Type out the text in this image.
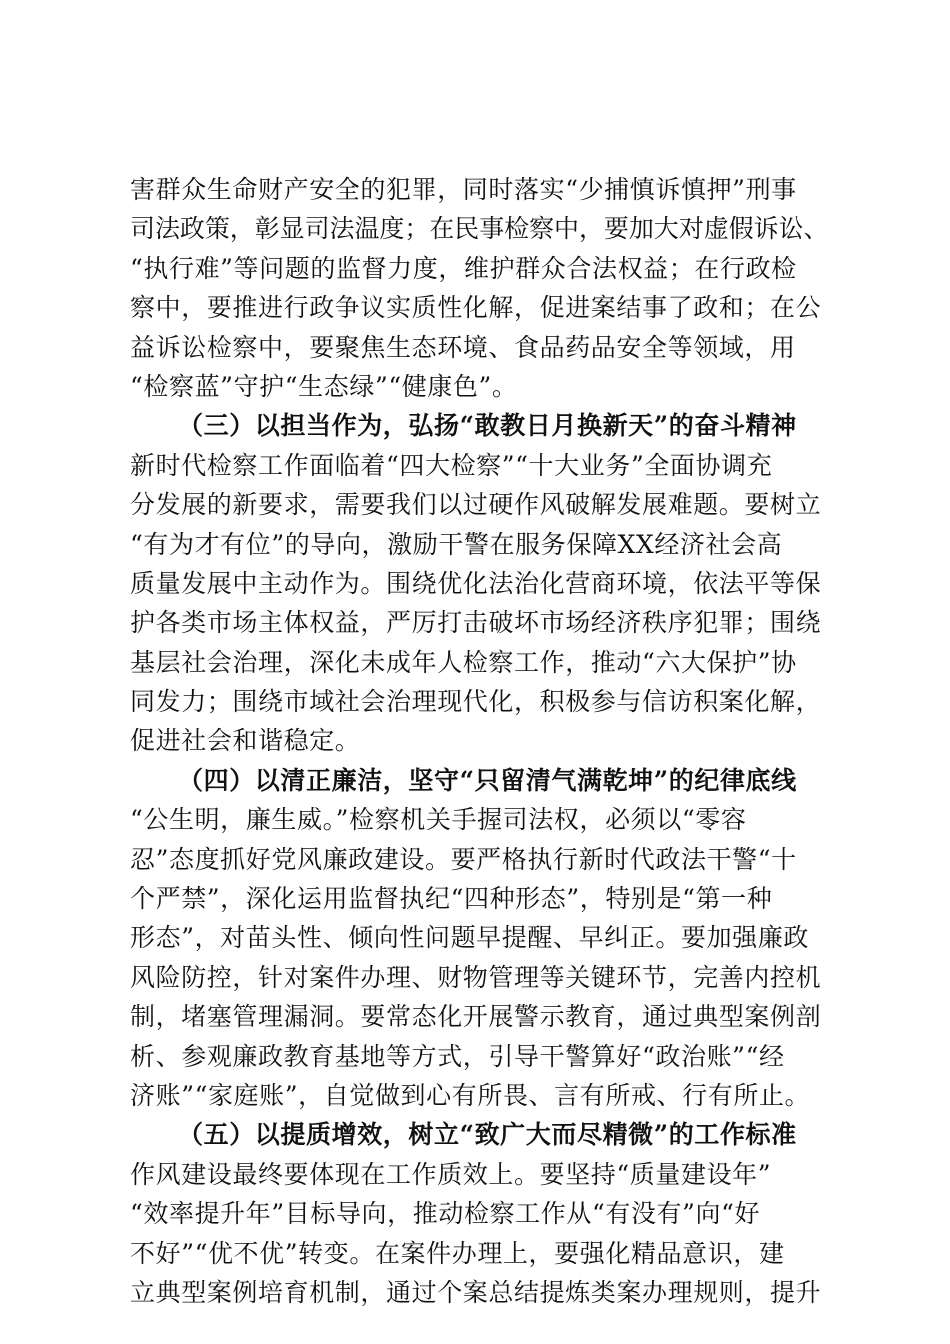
害群众生命财产安全的犯罪，同时落实“少捕慎诉慎押”刑事
司法政策，彰显司法温度；在民事检察中，要加大对虚假诉讼、
“执行难”等问题的监督力度，维护群众合法权益；在行政检
察中，要推进行政争议实质性化解，促进案结事了政和；在公
益诉讼检察中，要聚焦生态环境、食品药品安全等领域，用
“检察蓝”守护“生态绿”“健康色”。
（三）以担当作为，弘扬“敢教日月换新天”的奋斗精神
新时代检察工作面临着“四大检察”“十大业务”全面协调充
分发展的新要求，需要我们以过硬作风破解发展难题。要树立
“有为才有位”的导向，激励干警在服务保障XX经济社会高
质量发展中主动作为。围绕优化法治化营商环境，依法平等保
护各类市场主体权益，严厉打击破坏市场经济秩序犯罪；围绕
基层社会治理，深化未成年人检察工作，推动“六大保护”协
同发力；围绕市域社会治理现代化，积极参与信访积案化解，
促进社会和谐稳定。
（四）以清正廉洁，坚守“只留清气满乾坤”的纪律底线
“公生明，廉生威。”检察机关手握司法权，必须以“零容
忍”态度抓好党风廉政建设。要严格执行新时代政法干警“十
个严禁”，深化运用监督执纪“四种形态”，特别是“第一种
形态”，对苗头性、倾向性问题早提醒、早纠正。要加强廉政
风险防控，针对案件办理、财物管理等关键环节，完善内控机
制，堵塞管理漏洞。要常态化开展警示教育，通过典型案例剖
析、参观廉政教育基地等方式，引导干警算好“政治账”“经
济账”“家庭账”，自觉做到心有所畏、言有所戒、行有所止。
（五）以提质增效，树立“致广大而尽精微”的工作标准
作风建设最终要体现在工作质效上。要坚持“质量建设年”
“效率提升年”目标导向，推动检察工作从“有没有”向“好
不好”“优不优”转变。在案件办理上，要强化精品意识，建
立典型案例培育机制，通过个案总结提炼类案办理规则，提升
